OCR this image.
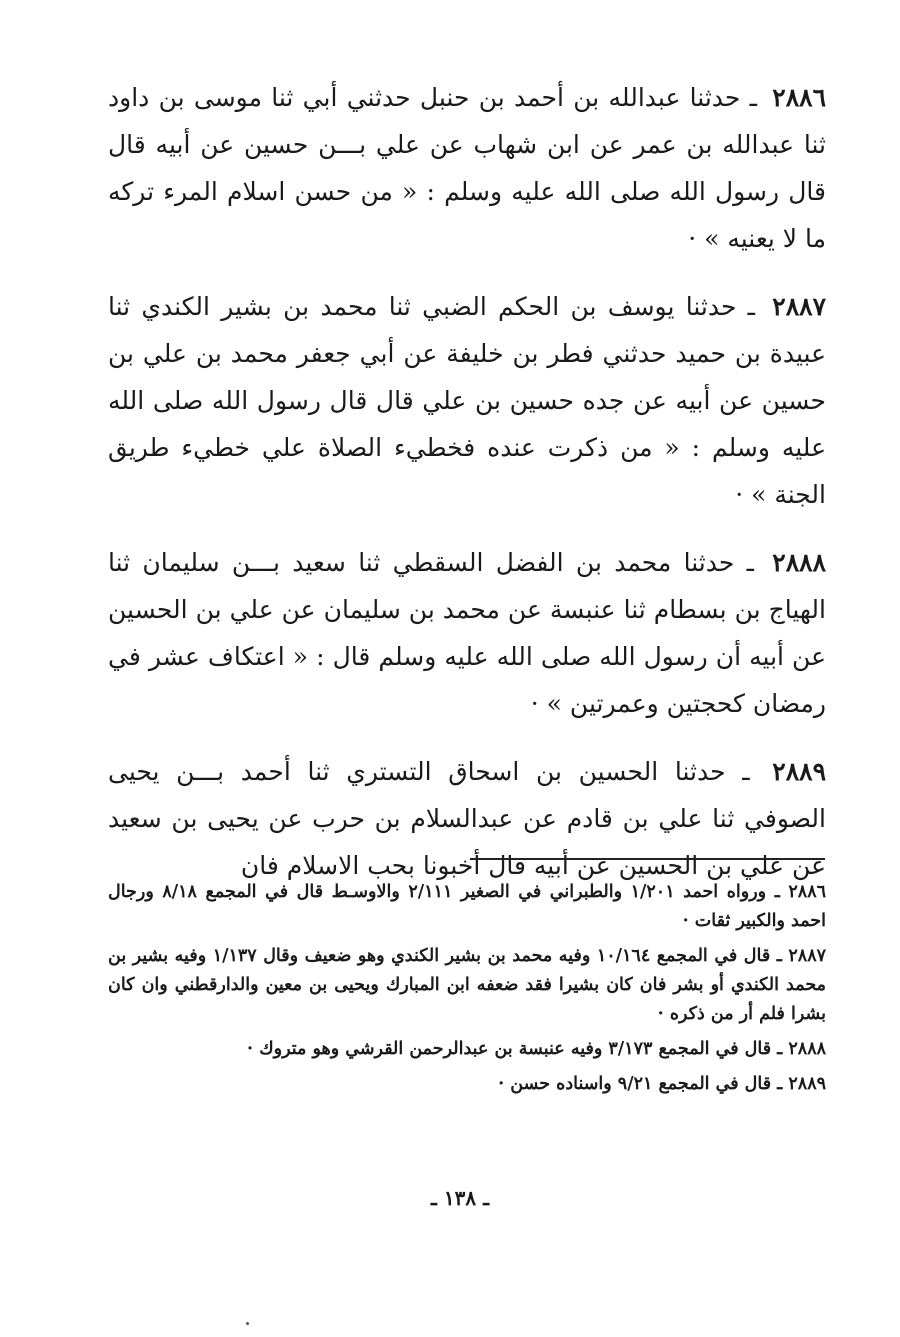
٢٨٨٦ ـ حدثنا عبدالله بن أحمد بن حنبل حدثني أبي ثنا موسى بن داود ثنا عبدالله بن عمر عن ابن شهاب عن علي بـــن حسين عن أبيه قال قال رسول الله صلى الله عليه وسلم : « من حسن اسلام المرء تركه ما لا يعنيه » ·

٢٨٨٧ ـ حدثنا يوسف بن الحكم الضبي ثنا محمد بن بشير الكندي ثنا عبيدة بن حميد حدثني فطر بن خليفة عن أبي جعفر محمد بن علي بن حسين عن أبيه عن جده حسين بن علي قال قال رسول الله صلى الله عليه وسلم : « من ذكرت عنده فخطيء الصلاة علي خطيء طريق الجنة » ·

٢٨٨٨ ـ حدثنا محمد بن الفضل السقطي ثنا سعيد بـــن سليمان ثنا الهياج بن بسطام ثنا عنبسة عن محمد بن سليمان عن علي بن الحسين عن أبيه أن رسول الله صلى الله عليه وسلم قال : « اعتكاف عشر في رمضان كحجتين وعمرتين » ·

٢٨٨٩ ـ حدثنا الحسين بن اسحاق التستري ثنا أحمد بـــن يحيى الصوفي ثنا علي بن قادم عن عبدالسلام بن حرب عن يحيى بن سعيد عن علي بن الحسين عن أبيه قال أخبونا بحب الاسلام فان

٢٨٨٦ ـ ورواه احمد ١/٢٠١ والطبراني في الصغير ٢/١١١ والاوسـط قال في المجمع ٨/١٨ ورجال احمد والكبير ثقات ·

٢٨٨٧ ـ قال في المجمع ١٠/١٦٤ وفيه محمد بن بشير الكندي وهو ضعيف وقال ١/١٣٧ وفيه بشير بن محمد الكندي أو بشر فان كان بشيرا فقد ضعفه ابن المبارك ويحيى بن معين والدارقطني وان كان بشرا فلم أر من ذكره ·

٢٨٨٨ ـ قال في المجمع ٣/١٧٣ وفيه عنبسة بن عبدالرحمن القرشي وهو متروك ·

٢٨٨٩ ـ قال في المجمع ٩/٢١ واسناده حسن ·

ـ ١٣٨ ـ
